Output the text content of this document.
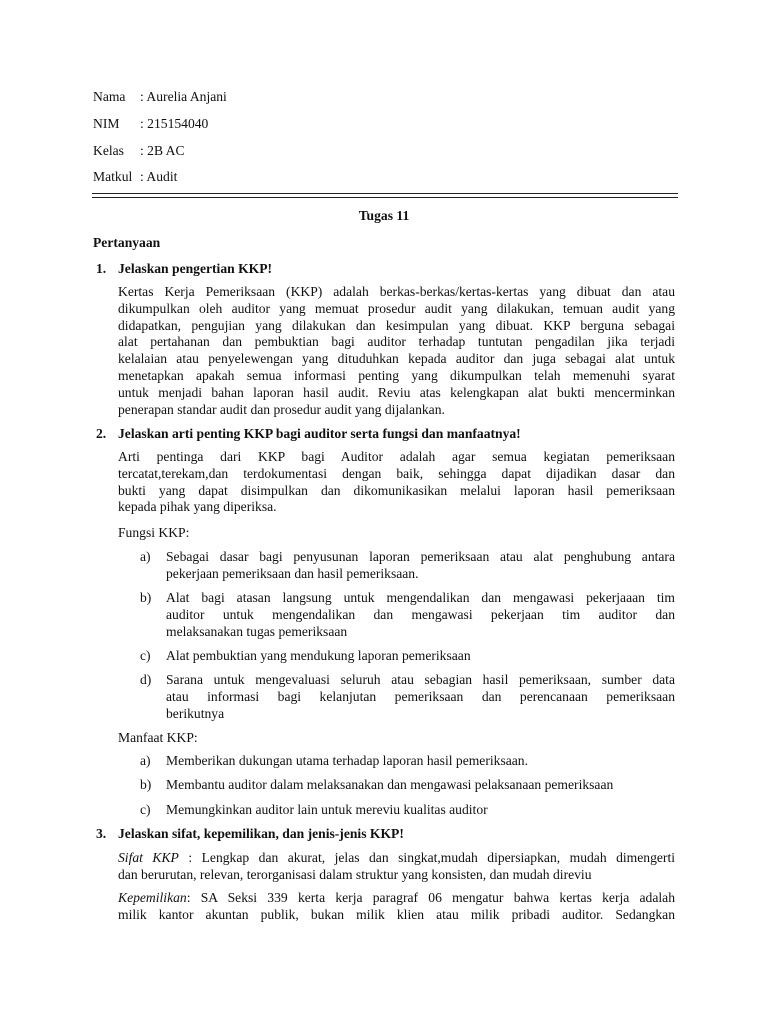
Nama : Aurelia Anjani
NIM : 215154040
Kelas : 2B AC
Matkul : Audit
Tugas 11
Pertanyaan
1. Jelaskan pengertian KKP!
Kertas Kerja Pemeriksaan (KKP) adalah berkas-berkas/kertas-kertas yang dibuat dan atau
dikumpulkan oleh auditor yang memuat prosedur audit yang dilakukan, temuan audit yang
didapatkan, pengujian yang dilakukan dan kesimpulan yang dibuat. KKP berguna sebagai
alat pertahanan dan pembuktian bagi auditor terhadap tuntutan pengadilan jika terjadi
kelalaian atau penyelewengan yang dituduhkan kepada auditor dan juga sebagai alat untuk
menetapkan apakah semua informasi penting yang dikumpulkan telah memenuhi syarat
untuk menjadi bahan laporan hasil audit. Reviu atas kelengkapan alat bukti mencerminkan
penerapan standar audit dan prosedur audit yang dijalankan.
2. Jelaskan arti penting KKP bagi auditor serta fungsi dan manfaatnya!
Arti pentinga dari KKP bagi Auditor adalah agar semua kegiatan pemeriksaan
tercatat,terekam,dan terdokumentasi dengan baik, sehingga dapat dijadikan dasar dan
bukti yang dapat disimpulkan dan dikomunikasikan melalui laporan hasil pemeriksaan
kepada pihak yang diperiksa.
Fungsi KKP:
a) Sebagai dasar bagi penyusunan laporan pemeriksaan atau alat penghubung antara
pekerjaan pemeriksaan dan hasil pemeriksaan.
b) Alat bagi atasan langsung untuk mengendalikan dan mengawasi pekerjaaan tim
auditor untuk mengendalikan dan mengawasi pekerjaan tim auditor dan
melaksanakan tugas pemeriksaan
c) Alat pembuktian yang mendukung laporan pemeriksaan
d) Sarana untuk mengevaluasi seluruh atau sebagian hasil pemeriksaan, sumber data
atau informasi bagi kelanjutan pemeriksaan dan perencanaan pemeriksaan
berikutnya
Manfaat KKP:
a) Memberikan dukungan utama terhadap laporan hasil pemeriksaan.
b) Membantu auditor dalam melaksanakan dan mengawasi pelaksanaan pemeriksaan
c) Memungkinkan auditor lain untuk mereviu kualitas auditor
3. Jelaskan sifat, kepemilikan, dan jenis-jenis KKP!
Sifat KKP : Lengkap dan akurat, jelas dan singkat,mudah dipersiapkan, mudah dimengerti
dan berurutan, relevan, terorganisasi dalam struktur yang konsisten, dan mudah direviu
Kepemilikan: SA Seksi 339 kerta kerja paragraf 06 mengatur bahwa kertas kerja adalah
milik kantor akuntan publik, bukan milik klien atau milik pribadi auditor. Sedangkan
